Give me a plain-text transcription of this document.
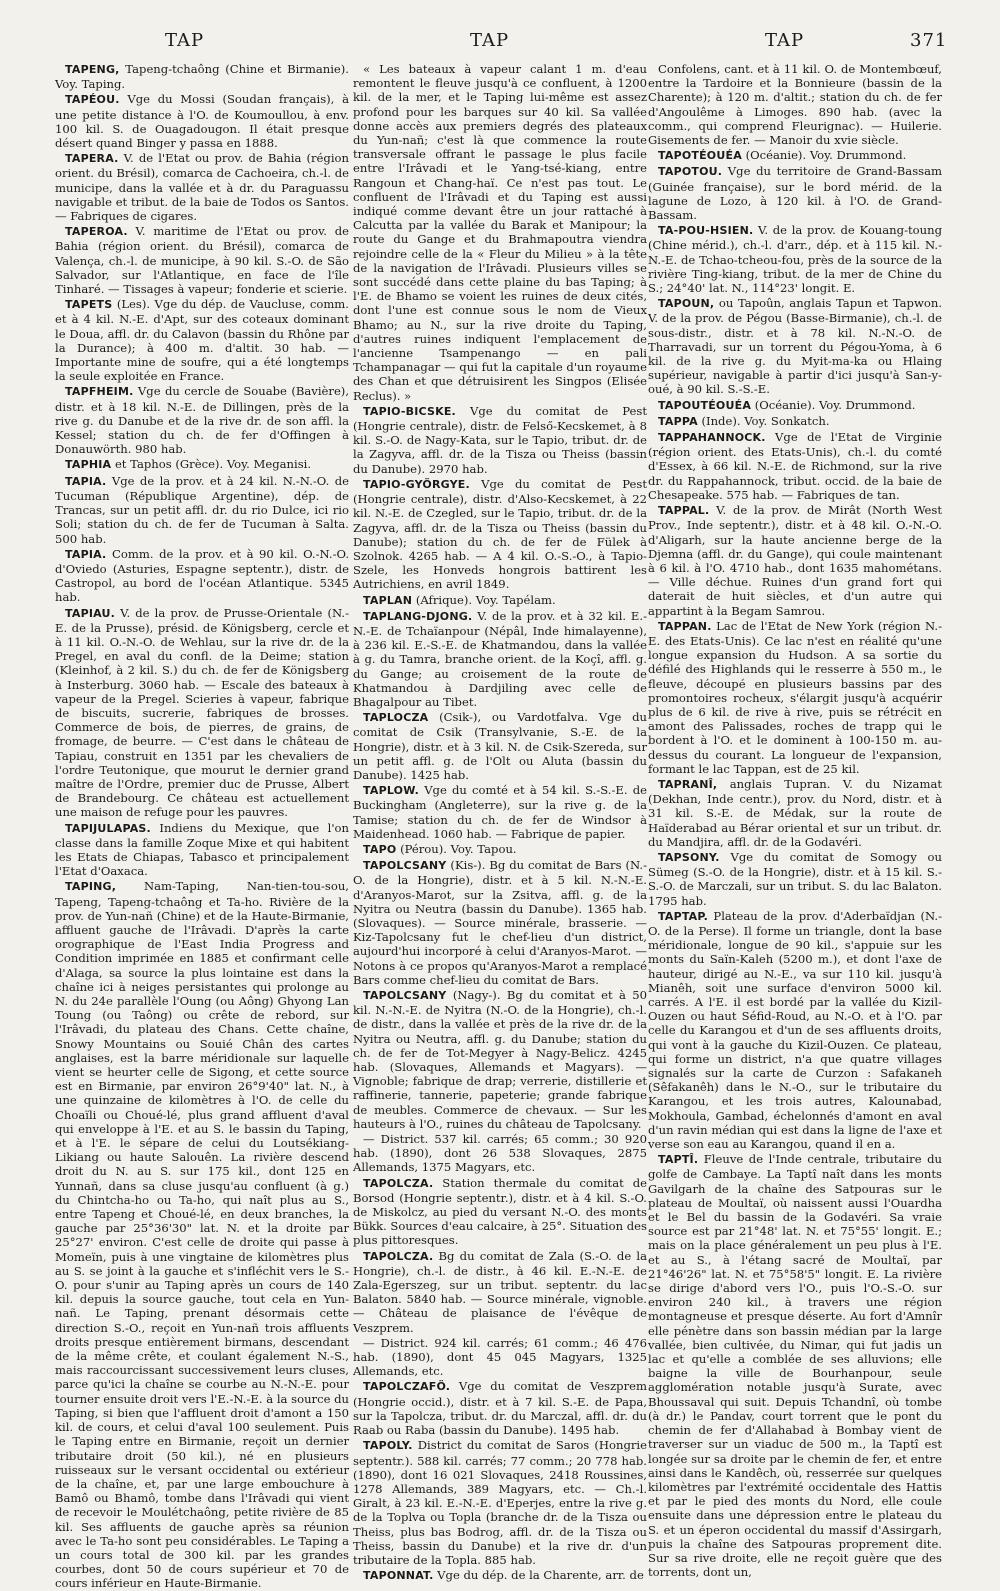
TAP	TAP	TAP	371

TAPENG, Tapeng-tchaông (Chine et Birmanie). Voy. Taping.

TAPÉOU. Vge du Mossi (Soudan français), à une petite distance à l'O. de Koumoullou, à env. 100 kil. S. de Ouagadougon. Il était presque désert quand Binger y passa en 1888.

TAPERA. V. de l'Etat ou prov. de Bahia (région orient. du Brésil), comarca de Cachoeira, ch.-l. de municipe, dans la vallée et à dr. du Paraguassu navigable et tribut. de la baie de Todos os Santos. — Fabriques de cigares.

TAPEROA. V. maritime de l'Etat ou prov. de Bahia (région orient. du Brésil), comarca de Valença, ch.-l. de municipe, à 90 kil. S.-O. de São Salvador, sur l'Atlantique, en face de l'île Tinharé. — Tissages à vapeur; fonderie et scierie.

TAPETS (Les). Vge du dép. de Vaucluse, comm. et à 4 kil. N.-E. d'Apt, sur des coteaux dominant le Doua, affl. dr. du Calavon (bassin du Rhône par la Durance); à 400 m. d'altit. 30 hab. — Importante mine de soufre, qui a été longtemps la seule exploitée en France.

TAPFHEIM. Vge du cercle de Souabe (Bavière), distr. et à 18 kil. N.-E. de Dillingen, près de la rive g. du Danube et de la rive dr. de son affl. la Kessel; station du ch. de fer d'Offingen à Donauwörth. 980 hab.

TAPHIA et Taphos (Grèce). Voy. Meganisi.

TAPIA. Vge de la prov. et à 24 kil. N.-N.-O. de Tucuman (République Argentine), dép. de Trancas, sur un petit affl. dr. du rio Dulce, ici rio Soli; station du ch. de fer de Tucuman à Salta. 500 hab.

TAPIA. Comm. de la prov. et à 90 kil. O.-N.-O. d'Oviedo (Asturies, Espagne septentr.), distr. de Castropol, au bord de l'océan Atlantique. 5345 hab.

TAPIAU. V. de la prov. de Prusse-Orientale (N.-E. de la Prusse), présid. de Königsberg, cercle et à 11 kil. O.-N.-O. de Wehlau, sur la rive dr. de la Pregel, en aval du confl. de la Deime; station (Kleinhof, à 2 kil. S.) du ch. de fer de Königsberg à Insterburg. 3060 hab. — Escale des bateaux à vapeur de la Pregel. Scieries à vapeur, fabrique de biscuits, sucrerie, fabriques de brosses. Commerce de bois, de pierres, de grains, de fromage, de beurre. — C'est dans le château de Tapiau, construit en 1351 par les chevaliers de l'ordre Teutonique, que mourut le dernier grand maître de l'Ordre, premier duc de Prusse, Albert de Brandebourg. Ce château est actuellement une maison de refuge pour les pauvres.

TAPIJULAPAS. Indiens du Mexique, que l'on classe dans la famille Zoque Mixe et qui habitent les Etats de Chiapas, Tabasco et principalement l'Etat d'Oaxaca.

TAPING, Nam-Taping, Nan-tien-tou-sou, Tapeng, Tapeng-tchaông et Ta-ho. Rivière de la prov. de Yun-nañ (Chine) et de la Haute-Birmanie, affluent gauche de l'Irâvadi. D'après la carte orographique de l'East India Progress and Condition imprimée en 1885 et confirmant celle d'Alaga, sa source la plus lointaine est dans la chaîne ici à neiges persistantes qui prolonge au N. du 24e parallèle l'Oung (ou Aông) Ghyong Lan Toung (ou Taông) ou crête de rebord, sur l'Irâvadi, du plateau des Chans. Cette chaîne, Snowy Mountains ou Souié Chân des cartes anglaises, est la barre méridionale sur laquelle vient se heurter celle de Sigong, et cette source est en Birmanie, par environ 26°9'40" lat. N., à une quinzaine de kilomètres à l'O. de celle du Choaïli ou Choué-lé, plus grand affluent d'aval qui enveloppe à l'E. et au S. le bassin du Taping, et à l'E. le sépare de celui du Loutsékiang-Likiang ou haute Salouên. La rivière descend droit du N. au S. sur 175 kil., dont 125 en Yunnañ, dans sa cluse jusqu'au confluent (à g.) du Chintcha-ho ou Ta-ho, qui naît plus au S., entre Tapeng et Choué-lé, en deux branches, la gauche par 25°36'30" lat. N. et la droite par 25°27' environ. C'est celle de droite qui passe à Momeïn, puis à une vingtaine de kilomètres plus au S. se joint à la gauche et s'infléchit vers le S.-O. pour s'unir au Taping après un cours de 140 kil. depuis la source gauche, tout cela en Yun-nañ. Le Taping, prenant désormais cette direction S.-O., reçoit en Yun-nañ trois affluents droits presque entièrement birmans, descendant de la même crête, et coulant également N.-S., mais raccourcissant successivement leurs cluses, parce qu'ici la chaîne se courbe au N.-N.-E. pour tourner ensuite droit vers l'E.-N.-E. à la source du Taping, si bien que l'affluent droit d'amont a 150 kil. de cours, et celui d'aval 100 seulement. Puis le Taping entre en Birmanie, reçoit un dernier tributaire droit (50 kil.), né en plusieurs ruisseaux sur le versant occidental ou extérieur de la chaîne, et, par une large embouchure à Bamô ou Bhamô, tombe dans l'Irâvadi qui vient de recevoir le Moulétchaông, petite rivière de 85 kil. Ses affluents de gauche après sa réunion avec le Ta-ho sont peu considérables. Le Taping a un cours total de 300 kil. par les grandes courbes, dont 50 de cours supérieur et 70 de cours inférieur en Haute-Birmanie.

« Les bateaux à vapeur calant 1 m. d'eau remontent le fleuve jusqu'à ce confluent, à 1200 kil. de la mer, et le Taping lui-même est assez profond pour les barques sur 40 kil. Sa vallée donne accès aux premiers degrés des plateaux du Yun-nañ; c'est là que commence la route transversale offrant le passage le plus facile entre l'Irâvadi et le Yang-tsé-kiang, entre Rangoun et Chang-haï. Ce n'est pas tout. Le confluent de l'Irâvadi et du Taping est aussi indiqué comme devant être un jour rattaché à Calcutta par la vallée du Barak et Manipour; la route du Gange et du Brahmapoutra viendra rejoindre celle de la « Fleur du Milieu » à la tête de la navigation de l'Irâvadi. Plusieurs villes se sont succédé dans cette plaine du bas Taping; à l'E. de Bhamo se voient les ruines de deux cités, dont l'une est connue sous le nom de Vieux Bhamo; au N., sur la rive droite du Taping, d'autres ruines indiquent l'emplacement de l'ancienne Tsampenango — en pali Tchampanagar — qui fut la capitale d'un royaume des Chan et que détruisirent les Singpos (Elisée Reclus). »

TAPIO-BICSKE. Vge du comitat de Pest (Hongrie centrale), distr. de Felső-Kecskemet, à 8 kil. S.-O. de Nagy-Kata, sur le Tapio, tribut. dr. de la Zagyva, affl. dr. de la Tisza ou Theiss (bassin du Danube). 2970 hab.

TAPIO-GYÖRGYE. Vge du comitat de Pest (Hongrie centrale), distr. d'Also-Kecskemet, à 22 kil. N.-E. de Czegled, sur le Tapio, tribut. dr. de la Zagyva, affl. dr. de la Tisza ou Theiss (bassin du Danube); station du ch. de fer de Fülek à Szolnok. 4265 hab. — A 4 kil. O.-S.-O., à Tapio-Szele, les Honveds hongrois battirent les Autrichiens, en avril 1849.

TAPLAN (Afrique). Voy. Tapélam.

TAPLANG-DJONG. V. de la prov. et à 32 kil. E.-N.-E. de Tchaïanpour (Népâl, Inde himalayenne), à 236 kil. E.-S.-E. de Khatmandou, dans la vallée à g. du Tamra, branche orient. de la Koçî, affl. g. du Gange; au croisement de la route de Khatmandou à Dardjiling avec celle de Bhagalpour au Tibet.

TAPLOCZA (Csik-), ou Vardotfalva. Vge du comitat de Csik (Transylvanie, S.-E. de la Hongrie), distr. et à 3 kil. N. de Csik-Szereda, sur un petit affl. g. de l'Olt ou Aluta (bassin du Danube). 1425 hab.

TAPLOW. Vge du comté et à 54 kil. S.-S.-E. de Buckingham (Angleterre), sur la rive g. de la Tamise; station du ch. de fer de Windsor à Maidenhead. 1060 hab. — Fabrique de papier.

TAPO (Pérou). Voy. Tapou.

TAPOLCSANY (Kis-). Bg du comitat de Bars (N.-O. de la Hongrie), distr. et à 5 kil. N.-N.-E. d'Aranyos-Marot, sur la Zsitva, affl. g. de la Nyitra ou Neutra (bassin du Danube). 1365 hab. (Slovaques). — Source minérale, brasserie. — Kiz-Tapolcsany fut le chef-lieu d'un district, aujourd'hui incorporé à celui d'Aranyos-Marot. — Notons à ce propos qu'Aranyos-Marot a remplacé Bars comme chef-lieu du comitat de Bars.

TAPOLCSANY (Nagy-). Bg du comitat et à 50 kil. N.-N.-E. de Nyitra (N.-O. de la Hongrie), ch.-l. de distr., dans la vallée et près de la rive dr. de la Nyitra ou Neutra, affl. g. du Danube; station du ch. de fer de Tot-Megyer à Nagy-Belicz. 4245 hab. (Slovaques, Allemands et Magyars). — Vignoble; fabrique de drap; verrerie, distillerie et raffinerie, tannerie, papeterie; grande fabrique de meubles. Commerce de chevaux. — Sur les hauteurs à l'O., ruines du château de Tapolcsany.

— District. 537 kil. carrés; 65 comm.; 30 920 hab. (1890), dont 26 538 Slovaques, 2875 Allemands, 1375 Magyars, etc.

TAPOLCZA. Station thermale du comitat de Borsod (Hongrie septentr.), distr. et à 4 kil. S.-O. de Miskolcz, au pied du versant N.-O. des monts Bükk. Sources d'eau calcaire, à 25°. Situation des plus pittoresques.

TAPOLCZA. Bg du comitat de Zala (S.-O. de la Hongrie), ch.-l. de distr., à 46 kil. E.-N.-E. de Zala-Egerszeg, sur un tribut. septentr. du lac Balaton. 5840 hab. — Source minérale, vignoble. — Château de plaisance de l'évêque de Veszprem.

— District. 924 kil. carrés; 61 comm.; 46 476 hab. (1890), dont 45 045 Magyars, 1325 Allemands, etc.

TAPOLCZAFÖ. Vge du comitat de Veszprem (Hongrie occid.), distr. et à 7 kil. S.-E. de Papa, sur la Tapolcza, tribut. dr. du Marczal, affl. dr. du Raab ou Raba (bassin du Danube). 1495 hab.

TAPOLY. District du comitat de Saros (Hongrie septentr.). 588 kil. carrés; 77 comm.; 20 778 hab. (1890), dont 16 021 Slovaques, 2418 Roussines, 1278 Allemands, 389 Magyars, etc. — Ch.-l. Giralt, à 23 kil. E.-N.-E. d'Eperjes, entre la rive g. de la Toplva ou Topla (branche dr. de la Tisza ou Theiss, plus bas Bodrog, affl. dr. de la Tisza ou Theiss, bassin du Danube) et la rive dr. d'un tributaire de la Topla. 885 hab.

TAPONNAT. Vge du dép. de la Charente, arr. de

Confolens, cant. et à 11 kil. O. de Montembœuf, entre la Tardoire et la Bonnieure (bassin de la Charente); à 120 m. d'altit.; station du ch. de fer d'Angoulême à Limoges. 890 hab. (avec la comm., qui comprend Fleurignac). — Huilerie. Gisements de fer. — Manoir du xvie siècle.

TAPOTÉOUÉA (Océanie). Voy. Drummond.

TAPOTOU. Vge du territoire de Grand-Bassam (Guinée française), sur le bord mérid. de la lagune de Lozo, à 120 kil. à l'O. de Grand-Bassam.

TA-POU-HSIEN. V. de la prov. de Kouang-toung (Chine mérid.), ch.-l. d'arr., dép. et à 115 kil. N.-N.-E. de Tchao-tcheou-fou, près de la source de la rivière Ting-kiang, tribut. de la mer de Chine du S.; 24°40' lat. N., 114°23' longit. E.

TAPOUN, ou Tapoûn, anglais Tapun et Tapwon. V. de la prov. de Pégou (Basse-Birmanie), ch.-l. de sous-distr., distr. et à 78 kil. N.-N.-O. de Tharravadi, sur un torrent du Pégou-Yoma, à 6 kil. de la rive g. du Myit-ma-ka ou Hlaing supérieur, navigable à partir d'ici jusqu'à San-y-oué, à 90 kil. S.-S.-E.

TAPOUTÉOUÉA (Océanie). Voy. Drummond.

TAPPA (Inde). Voy. Sonkatch.

TAPPAHANNOCK. Vge de l'Etat de Virginie (région orient. des Etats-Unis), ch.-l. du comté d'Essex, à 66 kil. N.-E. de Richmond, sur la rive dr. du Rappahannock, tribut. occid. de la baie de Chesapeake. 575 hab. — Fabriques de tan.

TAPPAL. V. de la prov. de Mirât (North West Prov., Inde septentr.), distr. et à 48 kil. O.-N.-O. d'Aligarh, sur la haute ancienne berge de la Djemna (affl. dr. du Gange), qui coule maintenant à 6 kil. à l'O. 4710 hab., dont 1635 mahométans. — Ville déchue. Ruines d'un grand fort qui daterait de huit siècles, et d'un autre qui appartint à la Begam Samrou.

TAPPAN. Lac de l'Etat de New York (région N.-E. des Etats-Unis). Ce lac n'est en réalité qu'une longue expansion du Hudson. A sa sortie du défilé des Highlands qui le resserre à 550 m., le fleuve, découpé en plusieurs bassins par des promontoires rocheux, s'élargit jusqu'à acquérir plus de 6 kil. de rive à rive, puis se rétrécit en amont des Palissades, roches de trapp qui le bordent à l'O. et le dominent à 100-150 m. au-dessus du courant. La longueur de l'expansion, formant le lac Tappan, est de 25 kil.

TAPRANÎ, anglais Tupran. V. du Nizamat (Dekhan, Inde centr.), prov. du Nord, distr. et à 31 kil. S.-E. de Médak, sur la route de Haïderabad au Bérar oriental et sur un tribut. dr. du Mandjira, affl. dr. de la Godavéri.

TAPSONY. Vge du comitat de Somogy ou Sümeg (S.-O. de la Hongrie), distr. et à 15 kil. S.-S.-O. de Marczali, sur un tribut. S. du lac Balaton. 1795 hab.

TAPTAP. Plateau de la prov. d'Aderbaïdjan (N.-O. de la Perse). Il forme un triangle, dont la base méridionale, longue de 90 kil., s'appuie sur les monts du Saïn-Kaleh (5200 m.), et dont l'axe de hauteur, dirigé au N.-E., va sur 110 kil. jusqu'à Mianêh, soit une surface d'environ 5000 kil. carrés. A l'E. il est bordé par la vallée du Kizil-Ouzen ou haut Séfid-Roud, au N.-O. et à l'O. par celle du Karangou et d'un de ses affluents droits, qui vont à la gauche du Kizil-Ouzen. Ce plateau, qui forme un district, n'a que quatre villages signalés sur la carte de Curzon : Safakaneh (Sêfakanêh) dans le N.-O., sur le tributaire du Karangou, et les trois autres, Kalounabad, Mokhoula, Gambad, échelonnés d'amont en aval d'un ravin médian qui est dans la ligne de l'axe et verse son eau au Karangou, quand il en a.

TAPTÎ. Fleuve de l'Inde centrale, tributaire du golfe de Cambaye. La Taptî naît dans les monts Gavilgarh de la chaîne des Satpouras sur le plateau de Moultaï, où naissent aussi l'Ouardha et le Bel du bassin de la Godavéri. Sa vraie source est par 21°48' lat. N. et 75°55' longit. E.; mais on la place généralement un peu plus à l'E. et au S., à l'étang sacré de Moultaï, par 21°46'26" lat. N. et 75°58'5" longit. E. La rivière se dirige d'abord vers l'O., puis l'O.-S.-O. sur environ 240 kil., à travers une région montagneuse et presque déserte. Au fort d'Amnîr elle pénètre dans son bassin médian par la large vallée, bien cultivée, du Nimar, qui fut jadis un lac et qu'elle a comblée de ses alluvions; elle baigne la ville de Bourhanpour, seule agglomération notable jusqu'à Surate, avec Bhoussaval qui suit. Depuis Tchandnî, où tombe (à dr.) le Pandav, court torrent que le pont du chemin de fer d'Allahabad à Bombay vient de traverser sur un viaduc de 500 m., la Taptî est longée sur sa droite par le chemin de fer, et entre ainsi dans le Kandêch, où, resserrée sur quelques kilomètres par l'extrémité occidentale des Hattis et par le pied des monts du Nord, elle coule ensuite dans une dépression entre le plateau du S. et un éperon occidental du massif d'Assirgarh, puis la chaîne des Satpouras proprement dite. Sur sa rive droite, elle ne reçoit guère que des torrents, dont un,
